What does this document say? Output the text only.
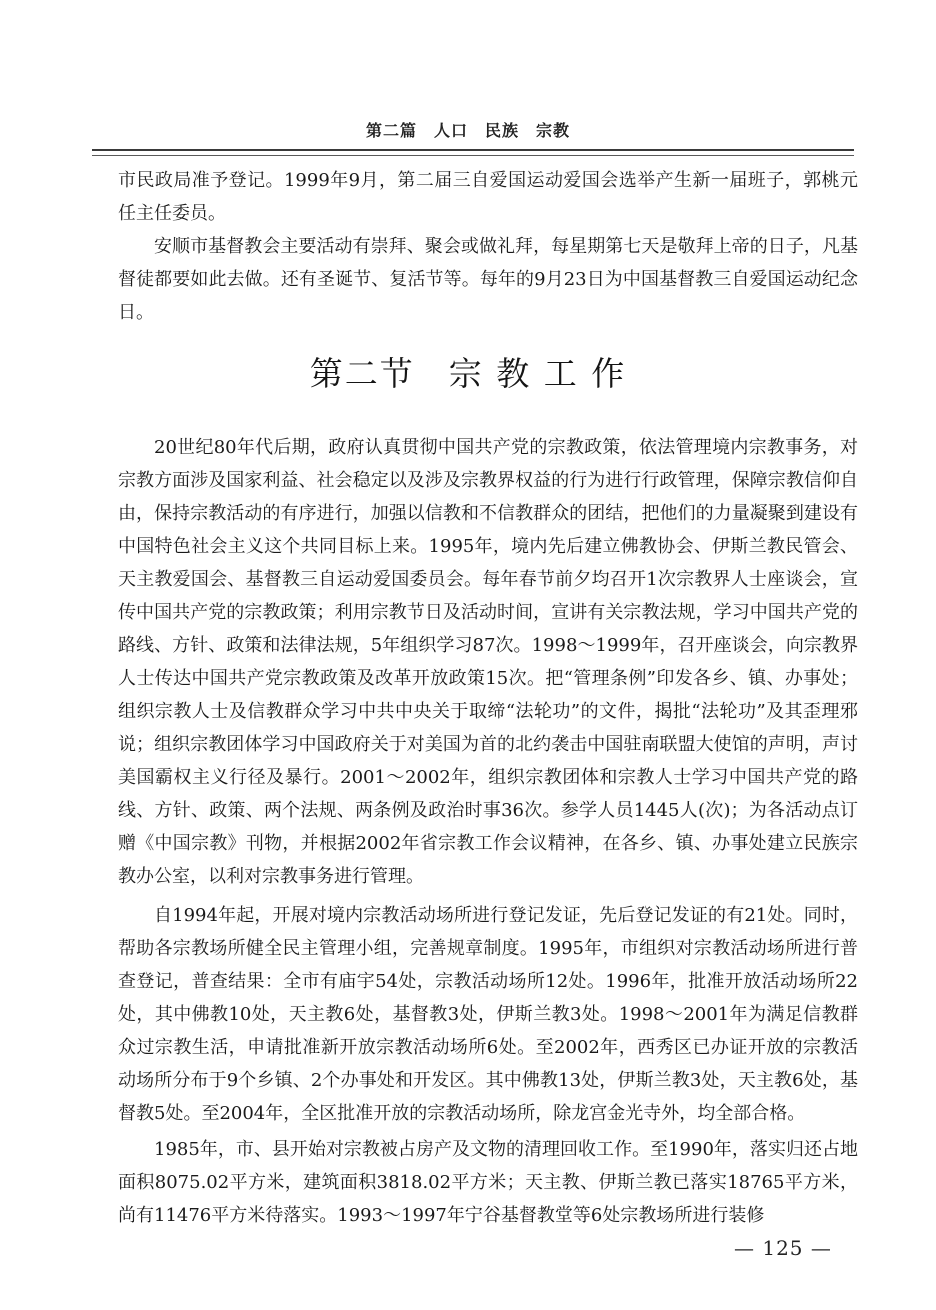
第二篇　人口　民族　宗教

市民政局准予登记。1999年9月，第二届三自爱国运动爱国会选举产生新一届班子，郭桃元任主任委员。

安顺市基督教会主要活动有崇拜、聚会或做礼拜，每星期第七天是敬拜上帝的日子，凡基督徒都要如此去做。还有圣诞节、复活节等。每年的9月23日为中国基督教三自爱国运动纪念日。

第二节 宗 教 工 作

20世纪80年代后期，政府认真贯彻中国共产党的宗教政策，依法管理境内宗教事务，对宗教方面涉及国家利益、社会稳定以及涉及宗教界权益的行为进行行政管理，保障宗教信仰自由，保持宗教活动的有序进行，加强以信教和不信教群众的团结，把他们的力量凝聚到建设有中国特色社会主义这个共同目标上来。1995年，境内先后建立佛教协会、伊斯兰教民管会、天主教爱国会、基督教三自运动爱国委员会。每年春节前夕均召开1次宗教界人士座谈会，宣传中国共产党的宗教政策；利用宗教节日及活动时间，宣讲有关宗教法规，学习中国共产党的路线、方针、政策和法律法规，5年组织学习87次。1998～1999年，召开座谈会，向宗教界人士传达中国共产党宗教政策及改革开放政策15次。把“管理条例”印发各乡、镇、办事处；组织宗教人士及信教群众学习中共中央关于取缔“法轮功”的文件，揭批“法轮功”及其歪理邪说；组织宗教团体学习中国政府关于对美国为首的北约袭击中国驻南联盟大使馆的声明，声讨美国霸权主义行径及暴行。2001～2002年，组织宗教团体和宗教人士学习中国共产党的路线、方针、政策、两个法规、两条例及政治时事36次。参学人员1445人(次)；为各活动点订赠《中国宗教》刊物，并根据2002年省宗教工作会议精神，在各乡、镇、办事处建立民族宗教办公室，以利对宗教事务进行管理。

自1994年起，开展对境内宗教活动场所进行登记发证，先后登记发证的有21处。同时，帮助各宗教场所健全民主管理小组，完善规章制度。1995年，市组织对宗教活动场所进行普查登记，普查结果：全市有庙宇54处，宗教活动场所12处。1996年，批准开放活动场所22处，其中佛教10处，天主教6处，基督教3处，伊斯兰教3处。1998～2001年为满足信教群众过宗教生活，申请批准新开放宗教活动场所6处。至2002年，西秀区已办证开放的宗教活动场所分布于9个乡镇、2个办事处和开发区。其中佛教13处，伊斯兰教3处，天主教6处，基督教5处。至2004年，全区批准开放的宗教活动场所，除龙宫金光寺外，均全部合格。

1985年，市、县开始对宗教被占房产及文物的清理回收工作。至1990年，落实归还占地面积8075.02平方米，建筑面积3818.02平方米；天主教、伊斯兰教已落实18765平方米，尚有11476平方米待落实。1993～1997年宁谷基督教堂等6处宗教场所进行装修

— 125 —
